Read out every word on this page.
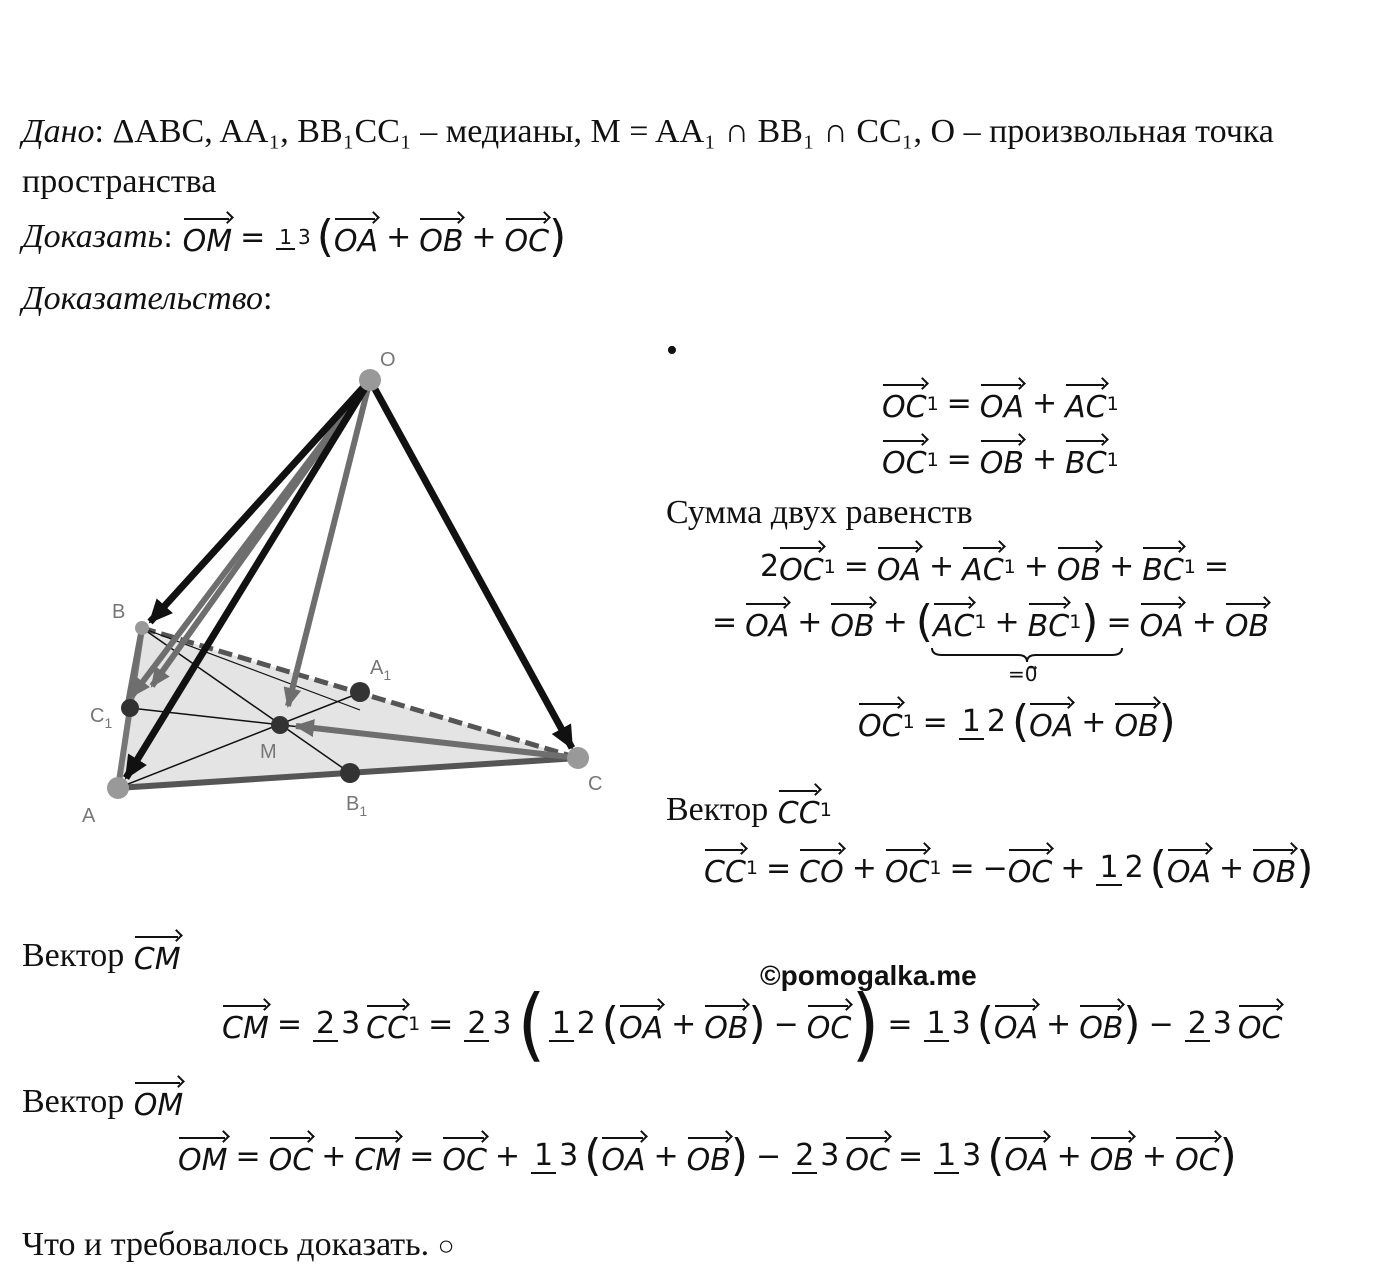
Дано: ΔABC, AA₁, BB₁CC₁ – медианы, M = AA₁ ∩ BB₁ ∩ CC₁, O – произвольная точка
пространства
Доказать : OM = 1 3 ( OA + OB + OC )
Доказательство:
O
A
B
C
M
$A_1$
$B_1$
$C_1$
•
OC 1 = OA + AC 1
OC 1 = OB + BC 1
Сумма двух равенств
2 OC 1 = OA + AC 1 + OB + BC 1 =
= OA + OB + ( AC 1 + BC 1 ) = OA + OB
=0⃗
OC 1 = 1 2 ( OA + OB )
Вектор
CC 1
CC 1 = CO + OC 1 = − OC + 1 2 ( OA + OB )
Вектор
CM	©pomogalka.me
CM = 2 3 CC 1 = 2 3 ( 1 2 ( OA + OB ) − OC ) = 1 3 ( OA + OB ) − 2 3 OC
Вектор
OM
OM = OC + CM = OC + 1 3 ( OA + OB ) − 2 3 OC = 1 3 ( OA + OB + OC )
Что и требовалось доказать. ○
